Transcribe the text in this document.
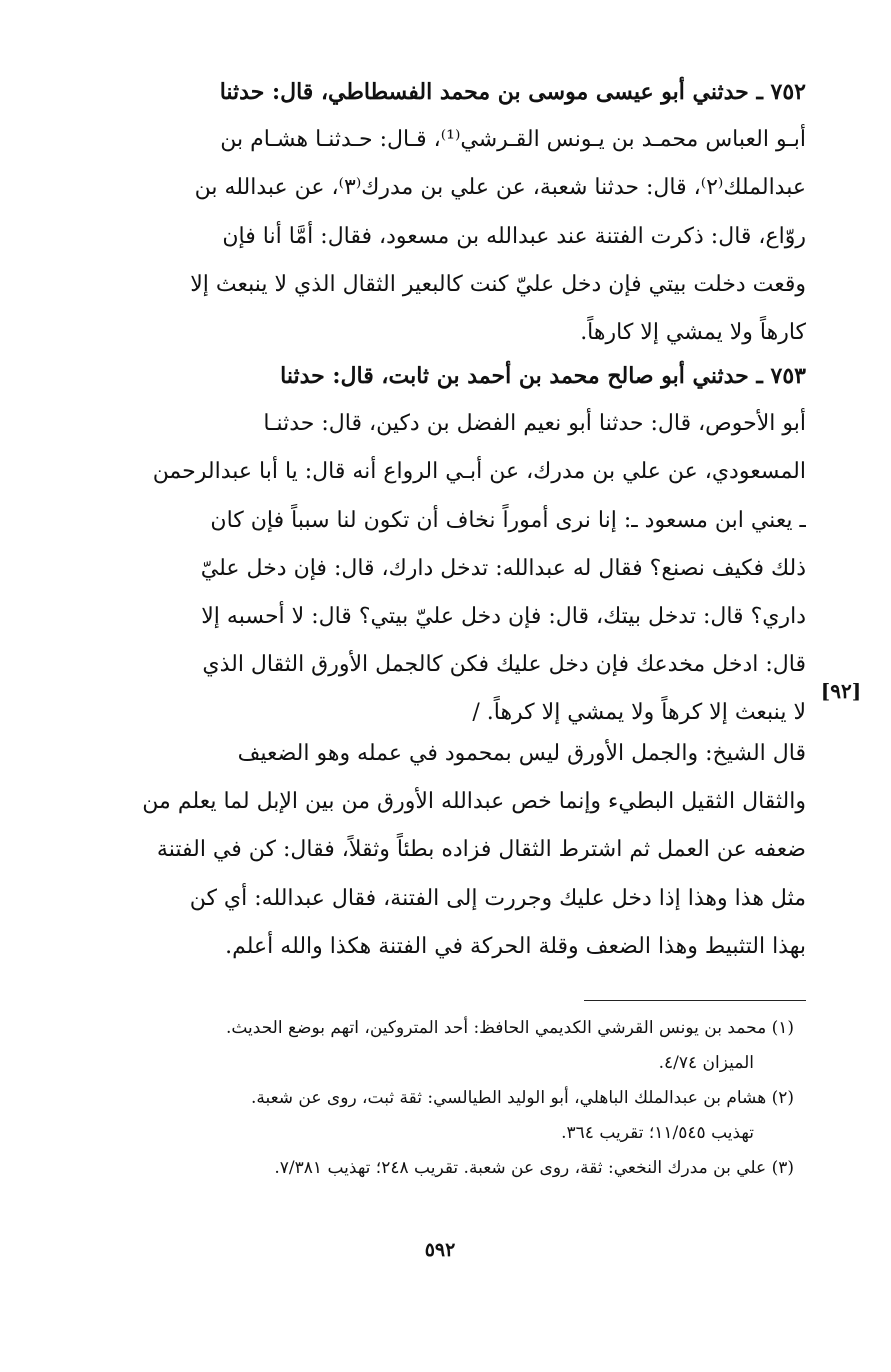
٧٥٢ ـ حدثني أبو عيسى موسى بن محمد الفسطاطي، قال: حدثنا
أبـو العباس محمـد بن يـونس القـرشي⁽¹⁾، قـال: حـدثنـا هشـام بن
عبدالملك⁽٢⁾، قال: حدثنا شعبة، عن علي بن مدرك⁽٣⁾، عن عبدالله بن
روّاع، قال: ذكرت الفتنة عند عبدالله بن مسعود، فقال: أمَّا أنا فإن
وقعت دخلت بيتي فإن دخل عليّ كنت كالبعير الثقال الذي لا ينبعث إلا
كارهاً ولا يمشي إلا كارهاً.
٧٥٣ ـ حدثني أبو صالح محمد بن أحمد بن ثابت، قال: حدثنا
أبو الأحوص، قال: حدثنا أبو نعيم الفضل بن دكين، قال: حدثنـا
المسعودي، عن علي بن مدرك، عن أبـي الرواع أنه قال: يا أبا عبدالرحمن
ـ يعني ابن مسعود ـ: إنا نرى أموراً نخاف أن تكون لنا سبباً فإن كان
ذلك فكيف نصنع؟ فقال له عبدالله: تدخل دارك، قال: فإن دخل عليّ
داري؟ قال: تدخل بيتك، قال: فإن دخل عليّ بيتي؟ قال: لا أحسبه إلا
قال: ادخل مخدعك فإن دخل عليك فكن كالجمل الأورق الثقال الذي
لا ينبعث إلا كرهاً ولا يمشي إلا كرهاً. /
[٩٢]
قال الشيخ: والجمل الأورق ليس بمحمود في عمله وهو الضعيف
والثقال الثقيل البطيء وإنما خص عبدالله الأورق من بين الإبل لما يعلم من
ضعفه عن العمل ثم اشترط الثقال فزاده بطئاً وثقلاً، فقال: كن في الفتنة
مثل هذا وهذا إذا دخل عليك وجررت إلى الفتنة، فقال عبدالله: أي كن
بهذا التثبيط وهذا الضعف وقلة الحركة في الفتنة هكذا والله أعلم.
(١) محمد بن يونس القرشي الكديمي الحافظ: أحد المتروكين، اتهم بوضع الحديث.
الميزان ٤/٧٤.
(٢) هشام بن عبدالملك الباهلي، أبو الوليد الطيالسي: ثقة ثبت، روى عن شعبة.
تهذيب ١١/٥٤٥؛ تقريب ٣٦٤.
(٣) علي بن مدرك النخعي: ثقة، روى عن شعبة. تقريب ٢٤٨؛ تهذيب ٧/٣٨١.
٥٩٢
